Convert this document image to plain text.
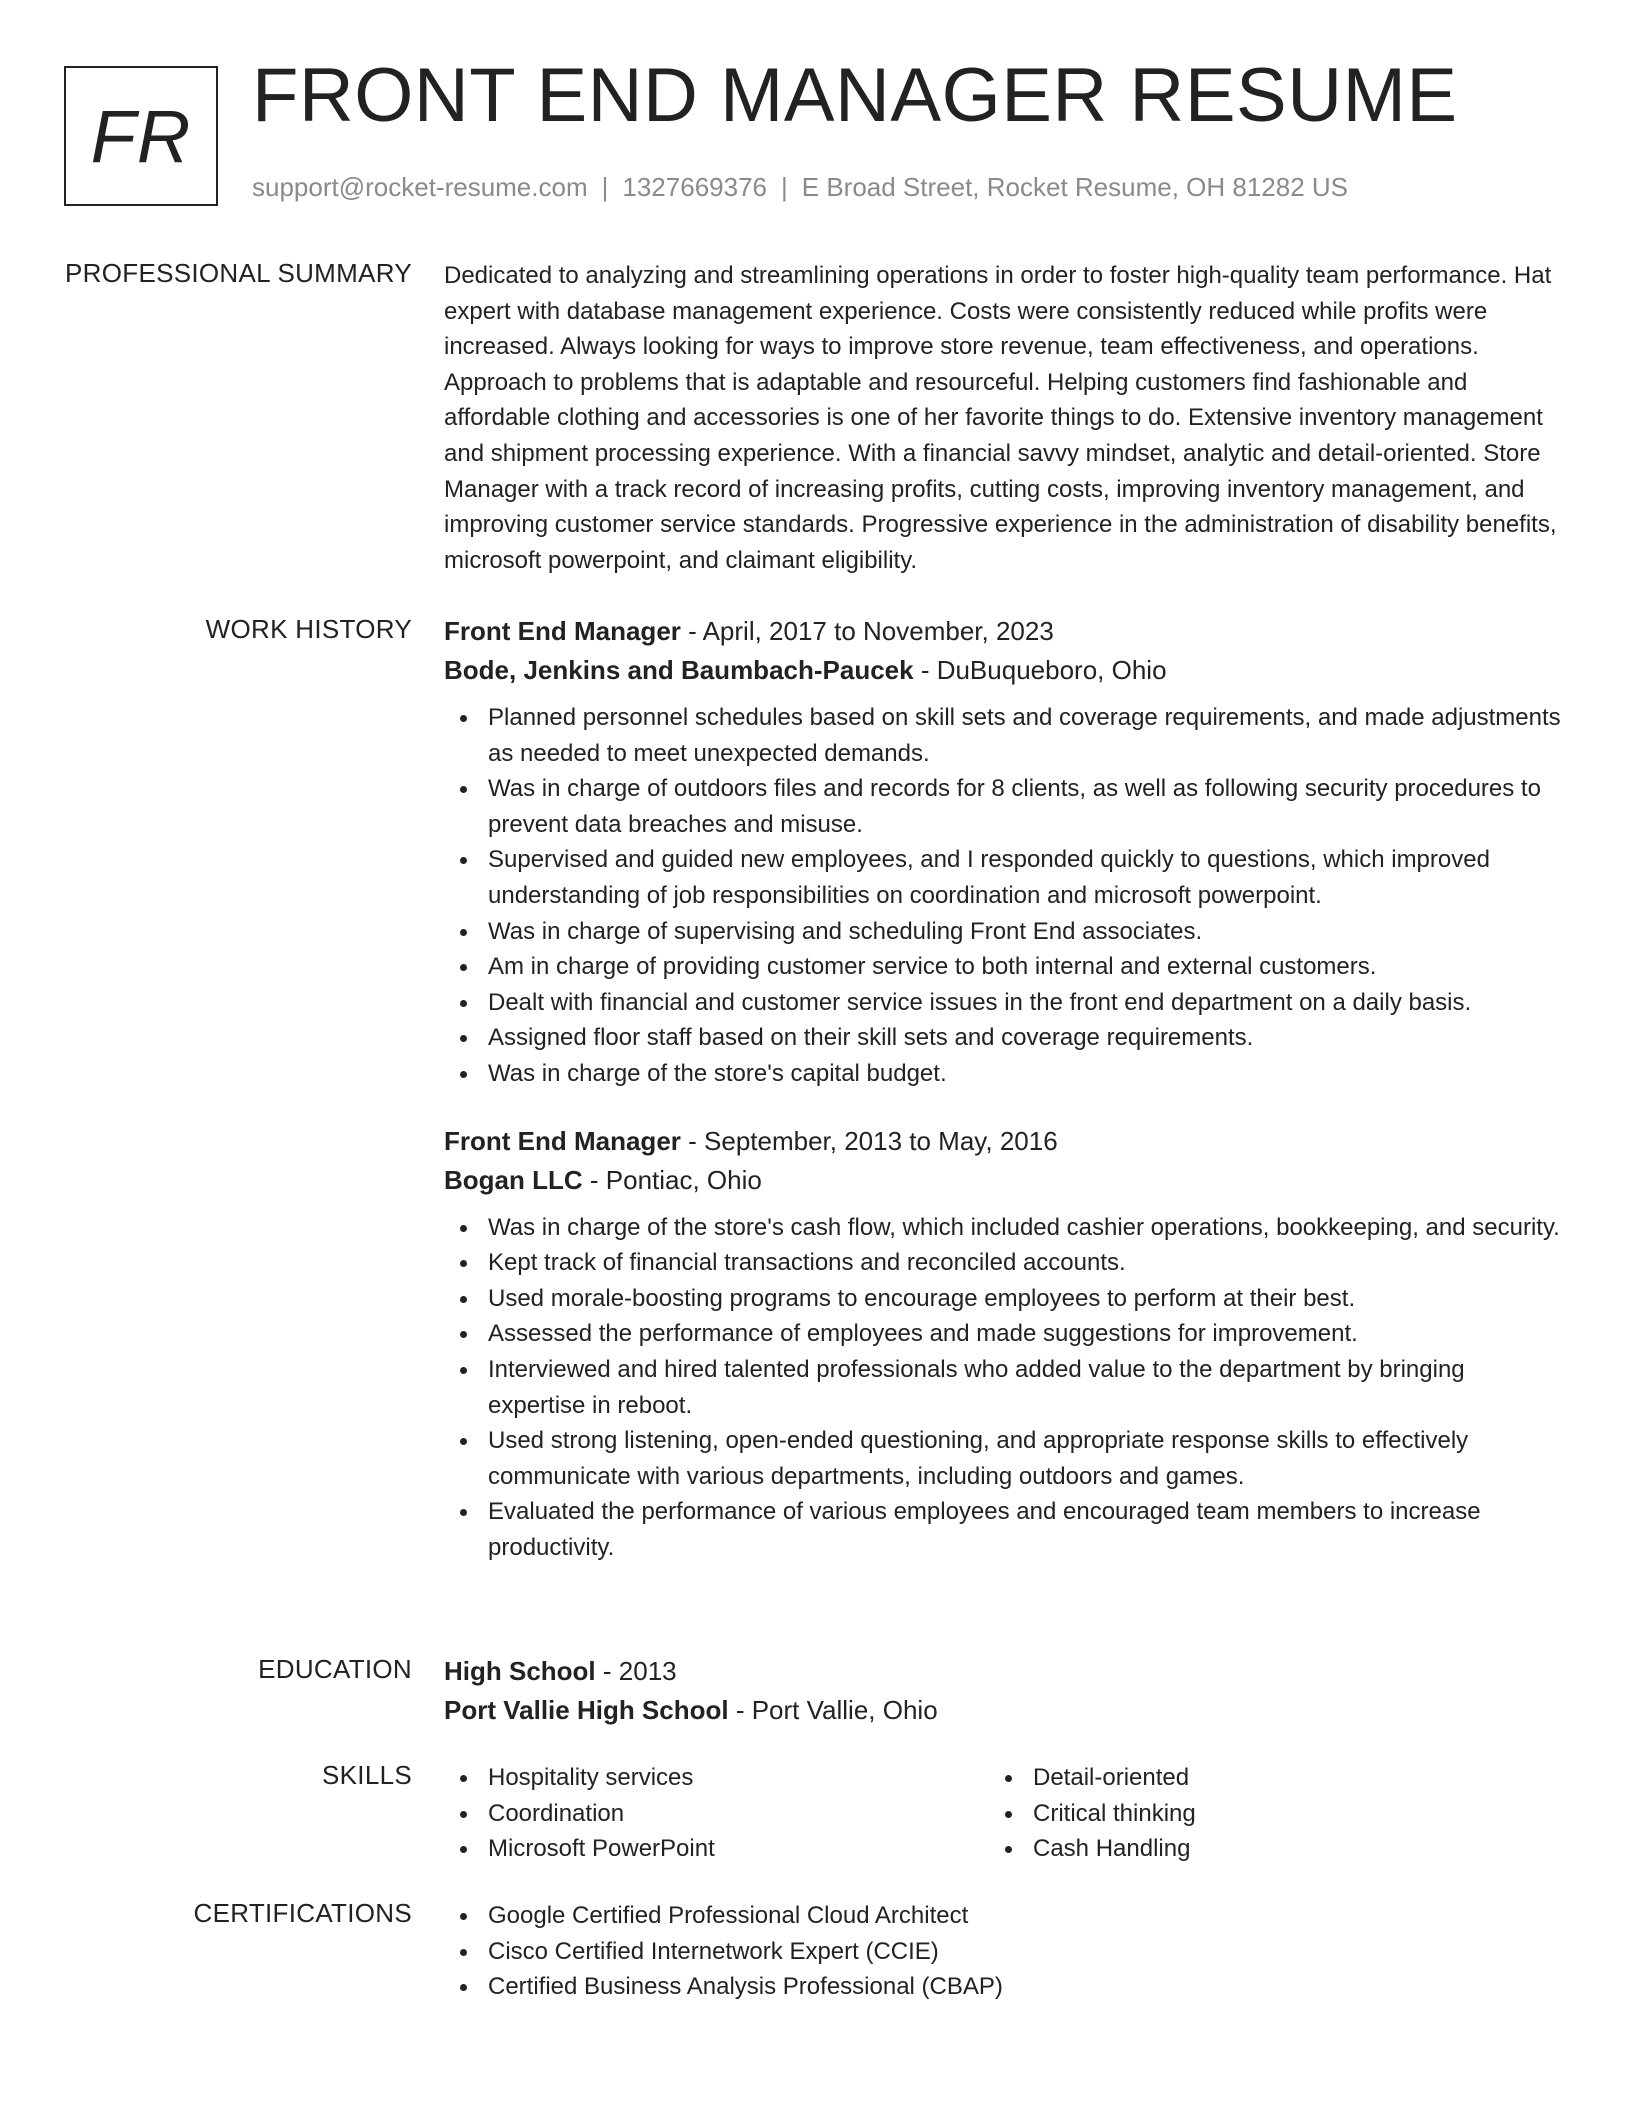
FR FRONT END MANAGER RESUME
support@rocket-resume.com | 1327669376 | E Broad Street, Rocket Resume, OH 81282 US
PROFESSIONAL SUMMARY Dedicated to analyzing and streamlining operations in order to foster high-quality team performance. Hat expert with database management experience. Costs were consistently reduced while profits were increased. Always looking for ways to improve store revenue, team effectiveness, and operations. Approach to problems that is adaptable and resourceful. Helping customers find fashionable and affordable clothing and accessories is one of her favorite things to do. Extensive inventory management and shipment processing experience. With a financial savvy mindset, analytic and detail-oriented. Store Manager with a track record of increasing profits, cutting costs, improving inventory management, and improving customer service standards. Progressive experience in the administration of disability benefits, microsoft powerpoint, and claimant eligibility.

WORK HISTORY Front End Manager - April, 2017 to November, 2023
Bode, Jenkins and Baumbach-Paucek - DuBuqueboro, Ohio
Planned personnel schedules based on skill sets and coverage requirements, and made adjustments as needed to meet unexpected demands.
Was in charge of outdoors files and records for 8 clients, as well as following security procedures to prevent data breaches and misuse.
Supervised and guided new employees, and I responded quickly to questions, which improved understanding of job responsibilities on coordination and microsoft powerpoint.
Was in charge of supervising and scheduling Front End associates.
Am in charge of providing customer service to both internal and external customers.
Dealt with financial and customer service issues in the front end department on a daily basis.
Assigned floor staff based on their skill sets and coverage requirements.
Was in charge of the store's capital budget.
Front End Manager - September, 2013 to May, 2016
Bogan LLC - Pontiac, Ohio
Was in charge of the store's cash flow, which included cashier operations, bookkeeping, and security.
Kept track of financial transactions and reconciled accounts.
Used morale-boosting programs to encourage employees to perform at their best.
Assessed the performance of employees and made suggestions for improvement.
Interviewed and hired talented professionals who added value to the department by bringing expertise in reboot.
Used strong listening, open-ended questioning, and appropriate response skills to effectively communicate with various departments, including outdoors and games.
Evaluated the performance of various employees and encouraged team members to increase productivity.
EDUCATION High School - 2013
Port Vallie High School - Port Vallie, Ohio
SKILLS	Hospitality services
Coordination
Microsoft PowerPoint
Detail-oriented
Critical thinking
Cash Handling
CERTIFICATIONS	Google Certified Professional Cloud Architect
Cisco Certified Internetwork Expert (CCIE)
Certified Business Analysis Professional (CBAP)
